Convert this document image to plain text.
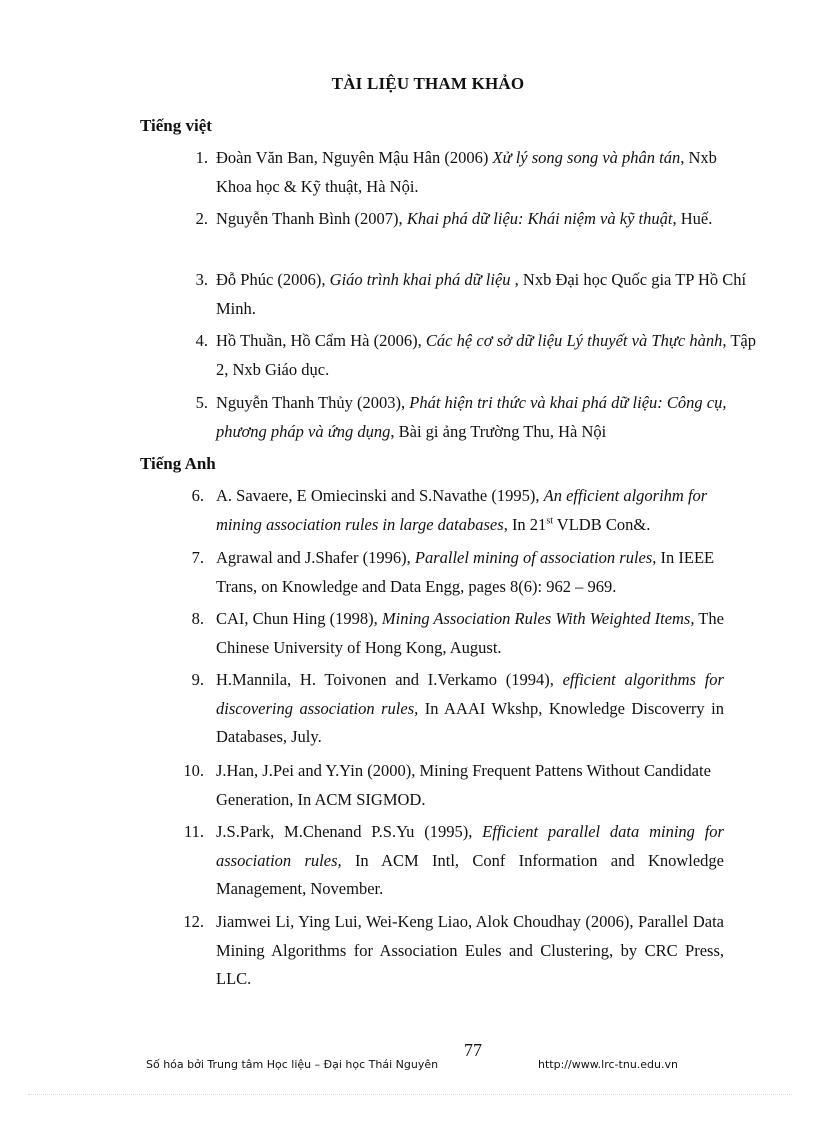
TÀI LIỆU THAM KHẢO
Tiếng việt
1. Đoàn Văn Ban, Nguyên Mậu Hân (2006) Xử lý song song và phân tán, Nxb Khoa học & Kỹ thuật, Hà Nội.
2. Nguyễn Thanh Bình (2007), Khai phá dữ liệu: Khái niệm và kỹ thuật, Huế.
3. Đỗ Phúc (2006), Giáo trình khai phá dữ liệu , Nxb Đại học Quốc gia TP Hồ Chí Minh.
4. Hồ Thuần, Hồ Cẩm Hà (2006), Các hệ cơ sở dữ liệu Lý thuyết và Thực hành, Tập 2, Nxb Giáo dục.
5. Nguyễn Thanh Thủy (2003), Phát hiện tri thức và khai phá dữ liệu: Công cụ, phương pháp và ứng dụng, Bài gi ảng Trường Thu, Hà Nội
Tiếng Anh
6. A. Savaere, E Omiecinski and S.Navathe (1995), An efficient algorihm for mining association rules in large databases, In 21st VLDB Con&.
7. Agrawal and J.Shafer (1996), Parallel mining of association rules, In IEEE Trans, on Knowledge and Data Engg, pages 8(6): 962 – 969.
8. CAI, Chun Hing (1998), Mining Association Rules With Weighted Items, The Chinese University of Hong Kong, August.
9. H.Mannila, H. Toivonen and I.Verkamo (1994), efficient algorithms for discovering association rules, In AAAI Wkshp, Knowledge Discoverry in Databases, July.
10. J.Han, J.Pei and Y.Yin (2000), Mining Frequent Pattens Without Candidate Generation, In ACM SIGMOD.
11. J.S.Park, M.Chenand P.S.Yu (1995), Efficient parallel data mining for association rules, In ACM Intl, Conf Information and Knowledge Management, November.
12. Jiamwei Li, Ying Lui, Wei-Keng Liao, Alok Choudhay (2006), Parallel Data Mining Algorithms for Association Eules and Clustering, by CRC Press, LLC.
77
Số hóa bởi Trung tâm Học liệu – Đại học Thái Nguyên	http://www.lrc-tnu.edu.vn
